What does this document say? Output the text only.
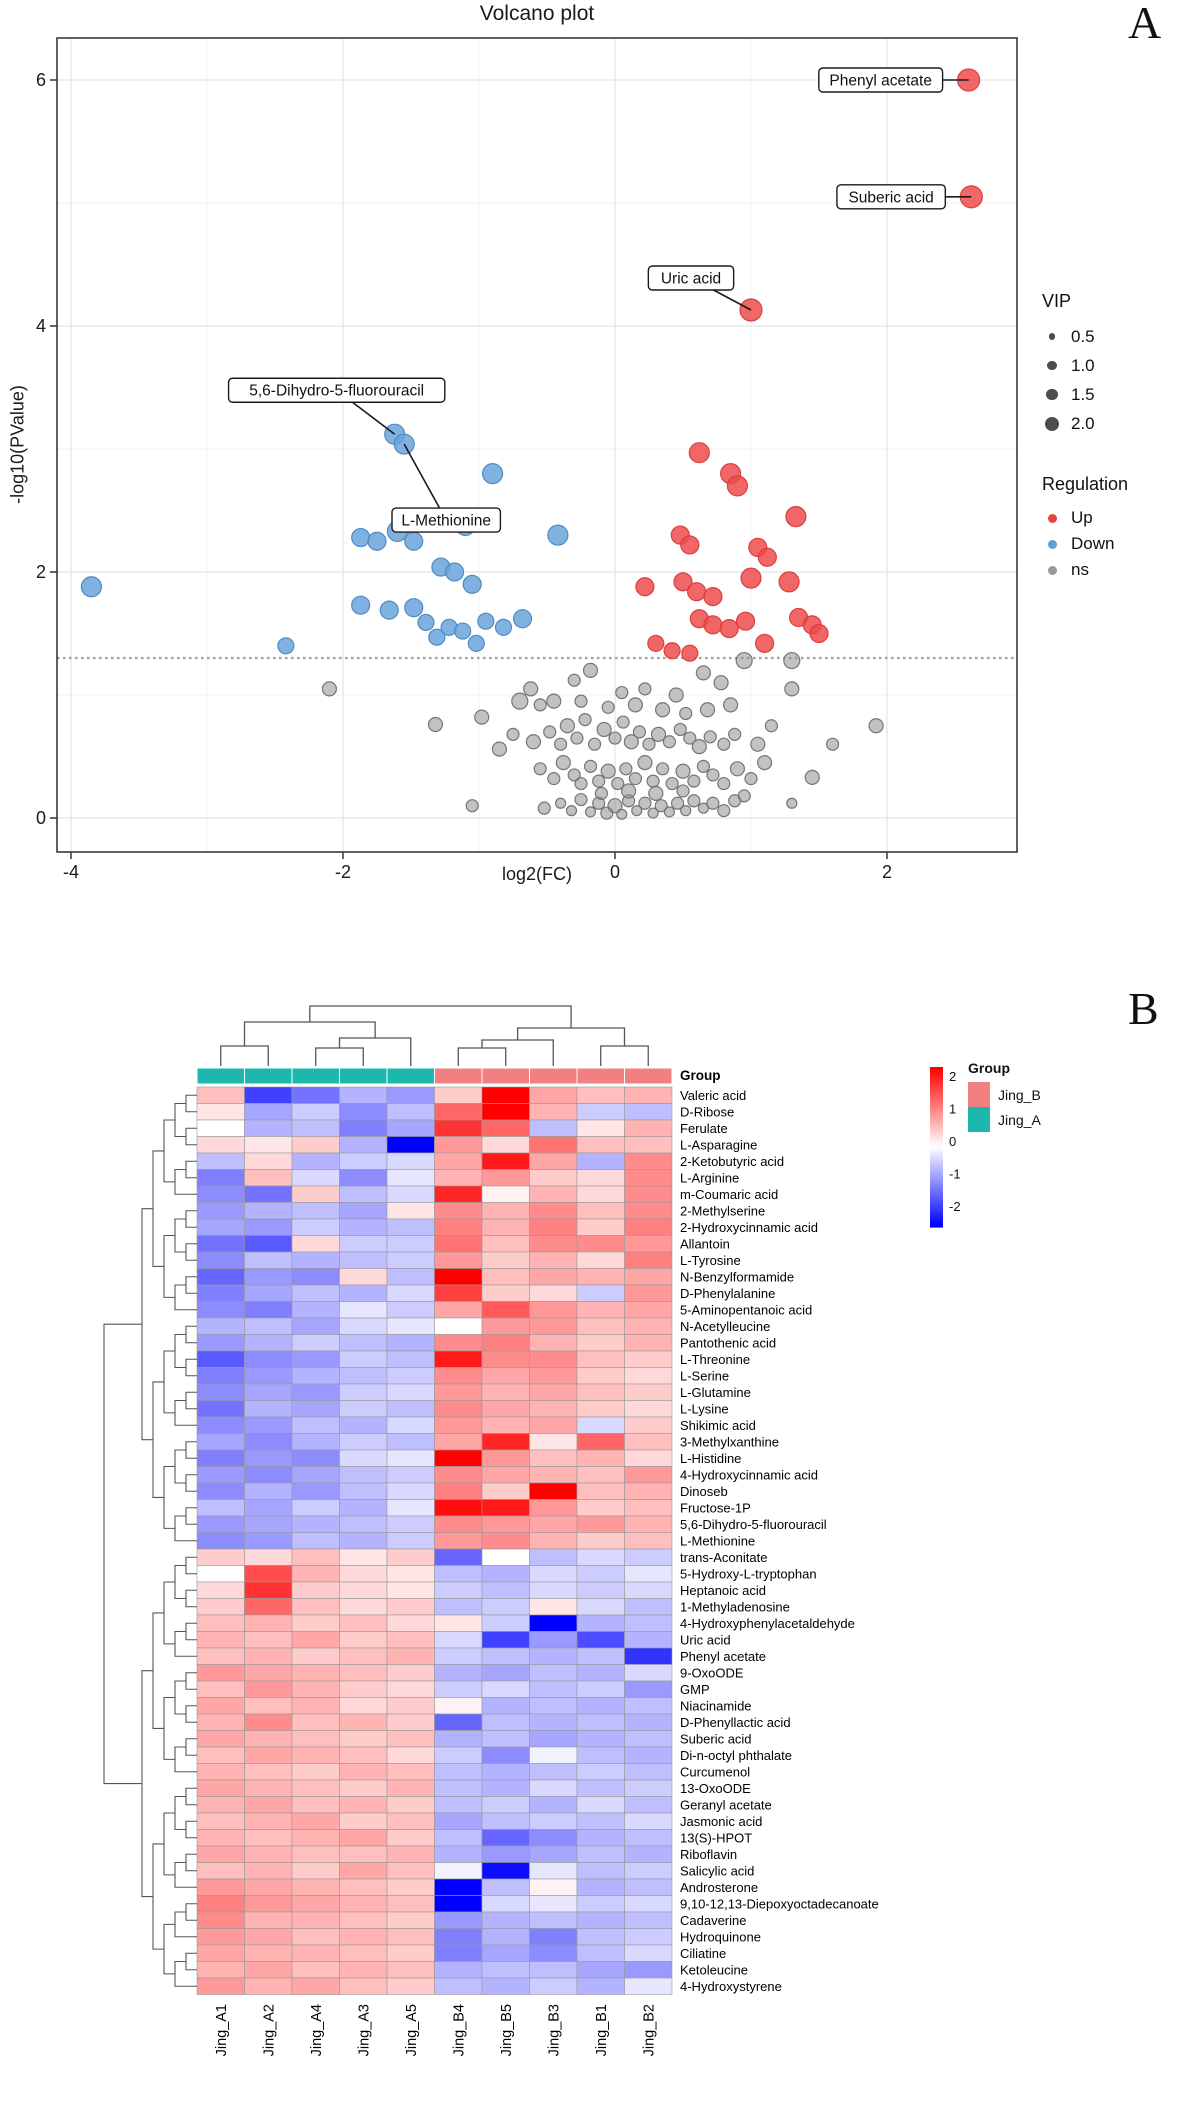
0
2
4
6
-4	-2	0	2
Phenyl acetate
Suberic acid
Uric acid
5,6-Dihydro-5-fluorouracil
L-Methionine
Valeric acid
D-Ribose
Ferulate
L-Asparagine
2-Ketobutyric acid
L-Arginine
m-Coumaric acid
2-Methylserine
2-Hydroxycinnamic acid
Allantoin
L-Tyrosine
N-Benzylformamide
D-Phenylalanine
5-Aminopentanoic acid
N-Acetylleucine
Pantothenic acid
L-Threonine
L-Serine
L-Glutamine
L-Lysine
Shikimic acid
3-Methylxanthine
L-Histidine
4-Hydroxycinnamic acid
Dinoseb
Fructose-1P
5,6-Dihydro-5-fluorouracil
L-Methionine
trans-Aconitate
5-Hydroxy-L-tryptophan
Heptanoic acid
1-Methyladenosine
4-Hydroxyphenylacetaldehyde
Uric acid
Phenyl acetate
9-OxoODE
GMP
Niacinamide
D-Phenyllactic acid
Suberic acid
Di-n-octyl phthalate
Curcumenol
13-OxoODE
Geranyl acetate
Jasmonic acid
13(S)-HPOT
Riboflavin
Salicylic acid
Androsterone
9,10-12,13-Diepoxyoctadecanoate
Cadaverine
Hydroquinone
Ciliatine
Ketoleucine
4-Hydroxystyrene
Jing_A1 Jing_A2 Jing_A4 Jing_A3 Jing_A5 Jing_B4 Jing_B5 Jing_B3 Jing_B1 Jing_B2
2
1
0
-1
-2
Volcano plot
-log10(PValue)
log2(FC)
A
B
VIP
0.5
1.0
1.5
2.0
Regulation
Up
Down
ns
Group	Group
Jing_B
Jing_A
